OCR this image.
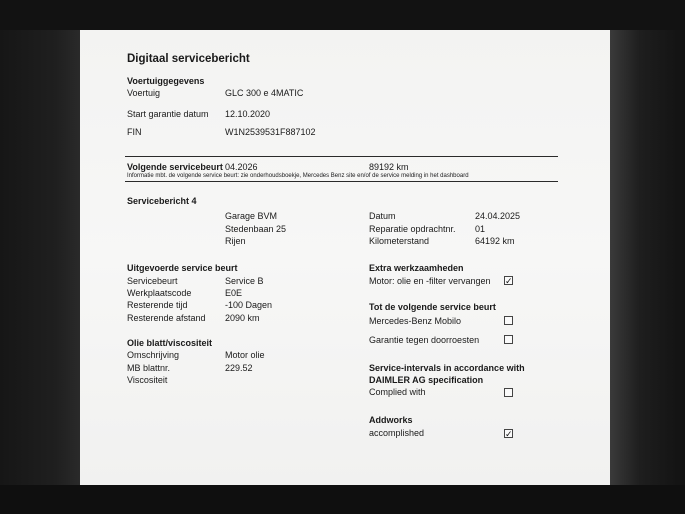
Digitaal servicebericht
Voertuiggegevens
Voertuig	GLC 300 e 4MATIC
Start garantie datum 12.10.2020
FIN	W1N2539531F887102
Volgende servicebeurt 04.2026	89192 km
Informatie mbt. de volgende service beurt: zie onderhoudsboekje, Mercedes Benz site en/of de service melding in het dashboard
Servicebericht 4
Garage BVM
Stedenbaan 25
Rijen
Datum	24.04.2025
Reparatie opdrachtnr. 01
Kilometerstand	64192 km
Uitgevoerde service beurt
Servicebeurt	Service B
Werkplaatscode	E0E
Resterende tijd	-100 Dagen
Resterende afstand 2090 km
Olie blatt/viscositeit
Omschrijving	Motor olie
MB blattnr.	229.52
Viscositeit
Extra werkzaamheden
Motor: olie en -filter vervangen ✓
Tot de volgende service beurt
Mercedes-Benz Mobilo
Garantie tegen doorroesten
Service-intervals in accordance with
DAIMLER AG specification
Complied with
Addworks
accomplished	✓
